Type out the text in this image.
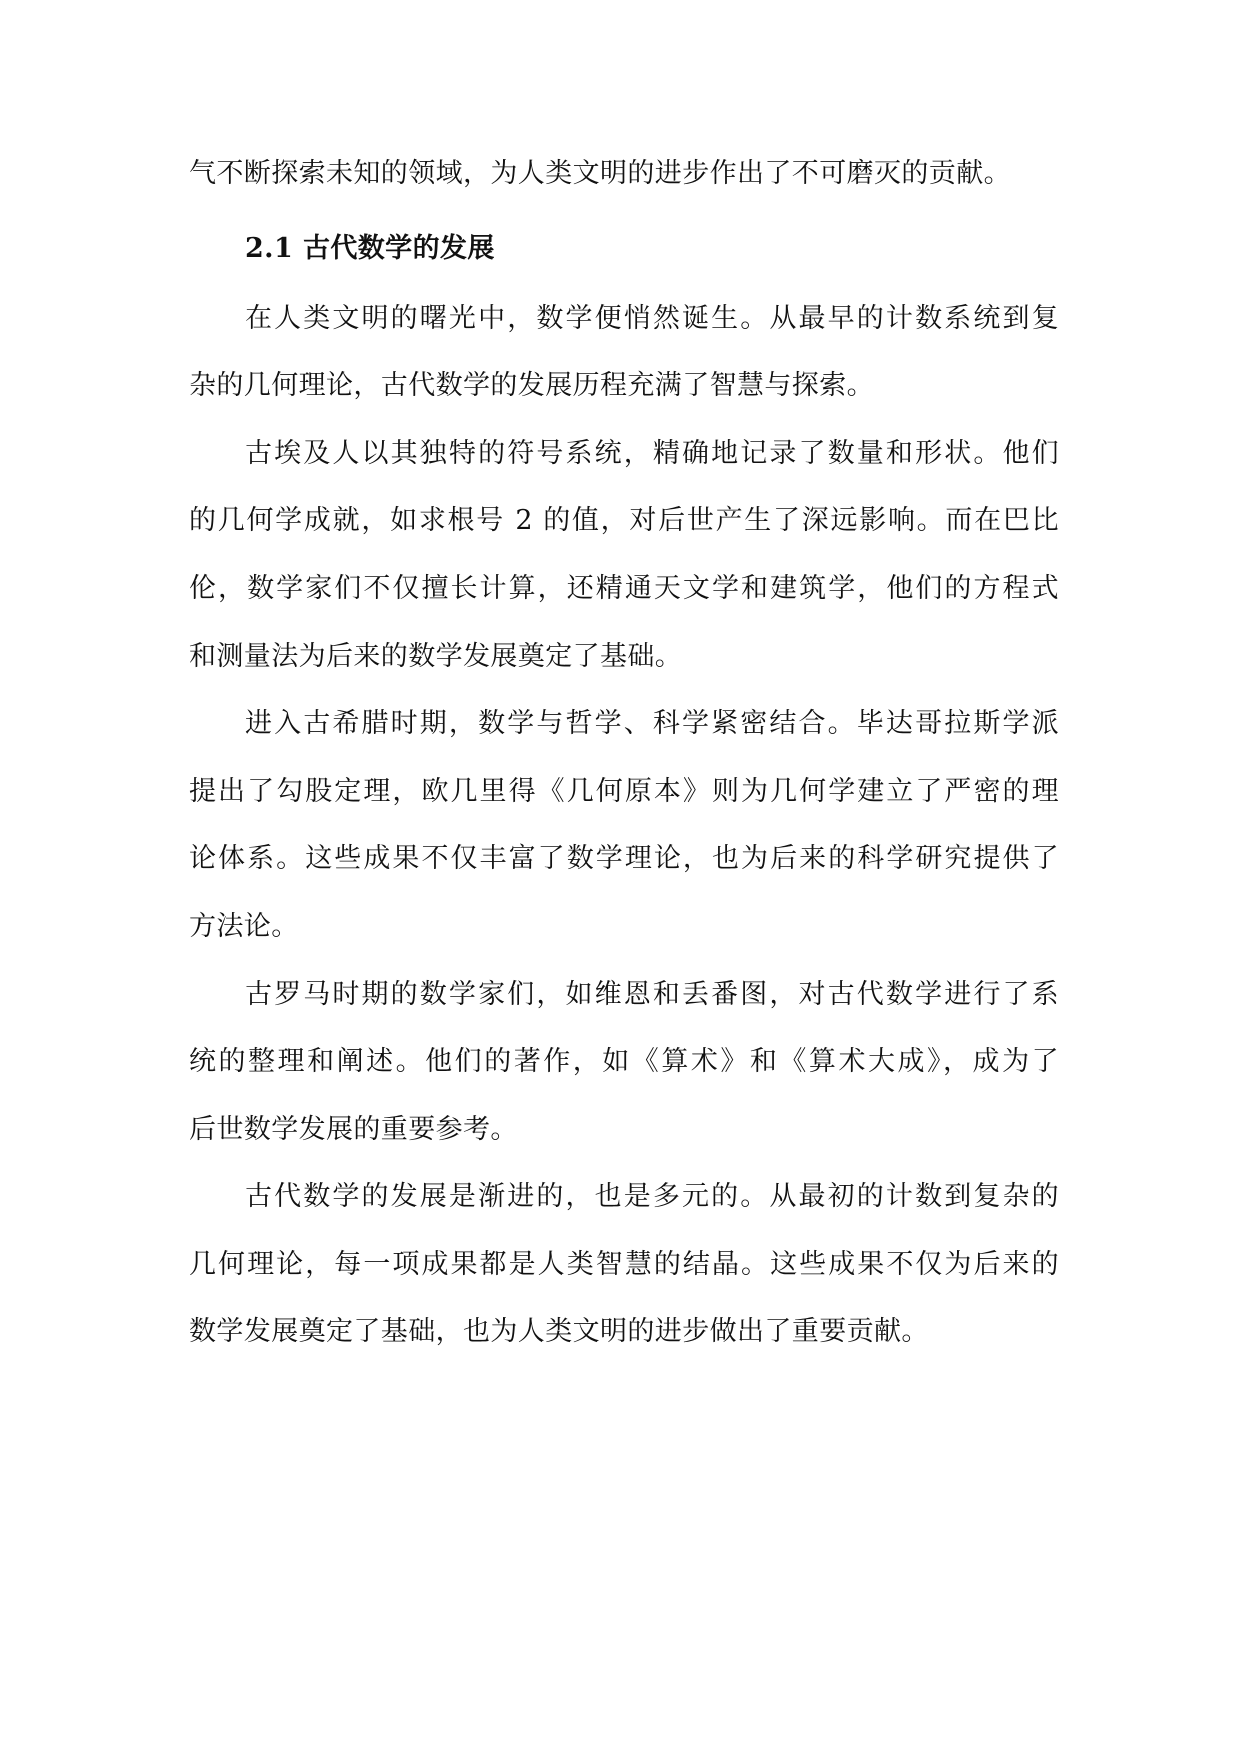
气不断探索未知的领域，为人类文明的进步作出了不可磨灭的贡献。
2.1 古代数学的发展
在人类文明的曙光中，数学便悄然诞生。从最早的计数系统到复
杂的几何理论，古代数学的发展历程充满了智慧与探索。
古埃及人以其独特的符号系统，精确地记录了数量和形状。他们
的几何学成就，如求根号 2 的值，对后世产生了深远影响。而在巴比
伦，数学家们不仅擅长计算，还精通天文学和建筑学，他们的方程式
和测量法为后来的数学发展奠定了基础。
进入古希腊时期，数学与哲学、科学紧密结合。毕达哥拉斯学派
提出了勾股定理，欧几里得《几何原本》则为几何学建立了严密的理
论体系。这些成果不仅丰富了数学理论，也为后来的科学研究提供了
方法论。
古罗马时期的数学家们，如维恩和丢番图，对古代数学进行了系
统的整理和阐述。他们的著作，如《算术》和《算术大成》，成为了
后世数学发展的重要参考。
古代数学的发展是渐进的，也是多元的。从最初的计数到复杂的
几何理论，每一项成果都是人类智慧的结晶。这些成果不仅为后来的
数学发展奠定了基础，也为人类文明的进步做出了重要贡献。
